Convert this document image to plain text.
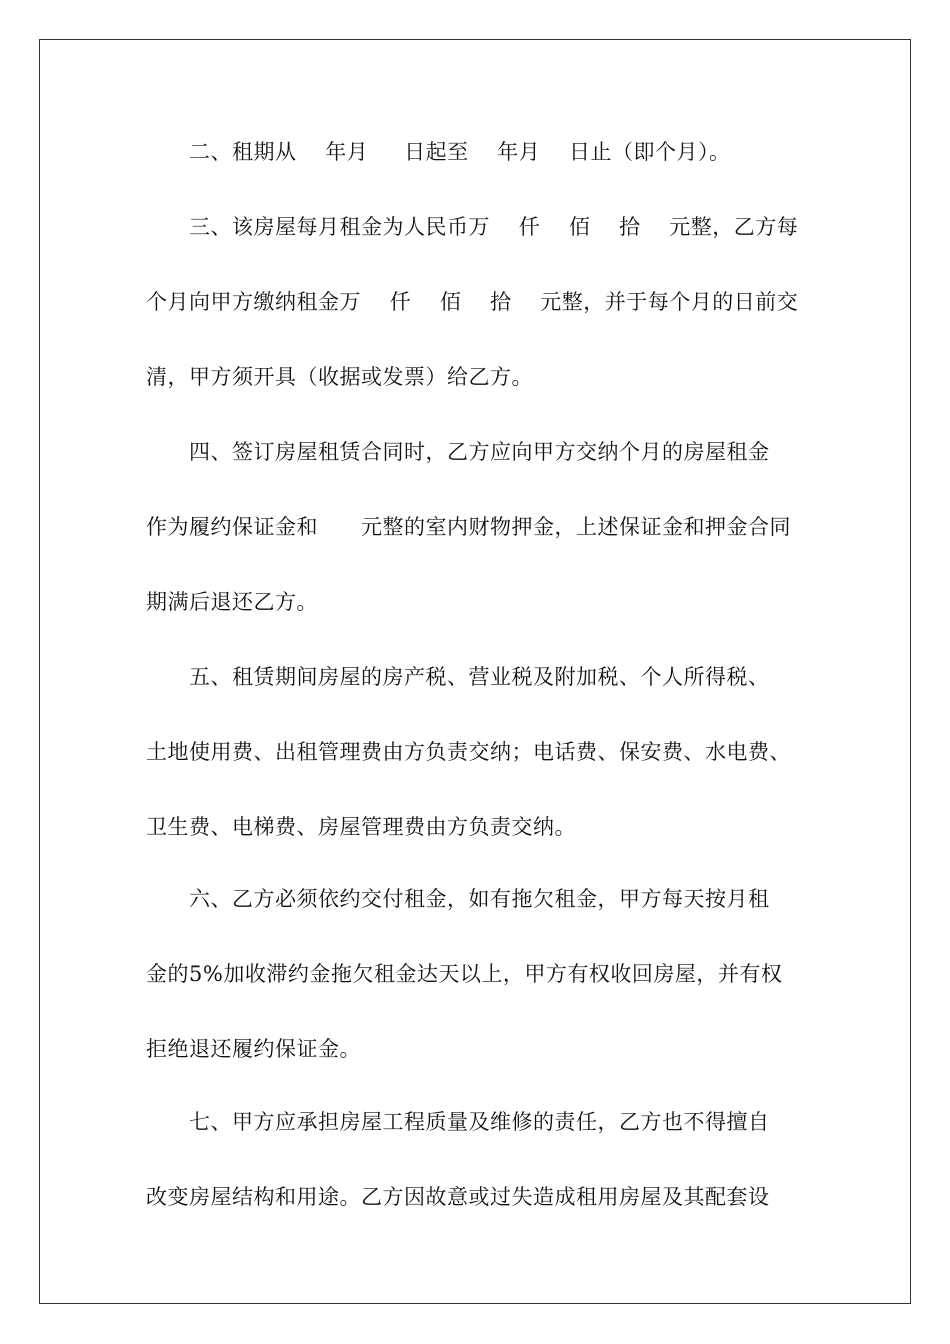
二、租期从    年月     日起至    年月    日止（即个月）。
三、该房屋每月租金为人民币万    仟    佰    拾    元整，乙方每
个月向甲方缴纳租金万    仟    佰    拾    元整，并于每个月的日前交
清，甲方须开具（收据或发票）给乙方。
四、签订房屋租赁合同时，乙方应向甲方交纳个月的房屋租金
作为履约保证金和      元整的室内财物押金，上述保证金和押金合同
期满后退还乙方。
五、租赁期间房屋的房产税、营业税及附加税、个人所得税、
土地使用费、出租管理费由方负责交纳；电话费、保安费、水电费、
卫生费、电梯费、房屋管理费由方负责交纳。
六、乙方必须依约交付租金，如有拖欠租金，甲方每天按月租
金的5%加收滞约金拖欠租金达天以上，甲方有权收回房屋，并有权
拒绝退还履约保证金。
七、甲方应承担房屋工程质量及维修的责任，乙方也不得擅自
改变房屋结构和用途。乙方因故意或过失造成租用房屋及其配套设
